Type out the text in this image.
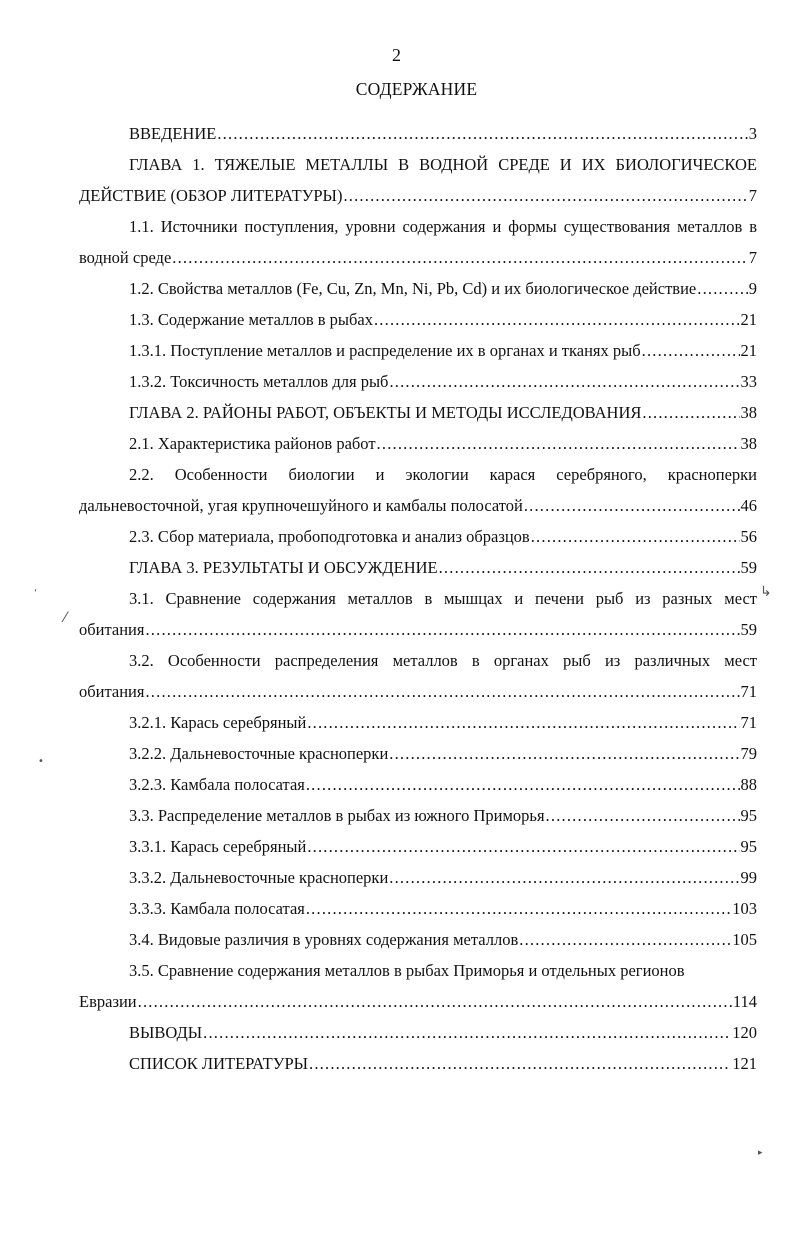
2
СОДЕРЖАНИЕ
ВВЕДЕНИЕ .....	3
ГЛАВА 1. ТЯЖЕЛЫЕ МЕТАЛЛЫ В ВОДНОЙ СРЕДЕ И ИХ БИОЛОГИЧЕСКОЕ
ДЕЙСТВИЕ (ОБЗОР ЛИТЕРАТУРЫ) .....	7
1.1. Источники поступления, уровни содержания и формы существования металлов в
водной среде .....	7
1.2. Свойства металлов (Fe, Cu, Zn, Mn, Ni, Pb, Cd) и их биологическое действие .....	9
1.3. Содержание металлов в рыбах .....	21
1.3.1. Поступление металлов и распределение их в органах и тканях рыб .....	21
1.3.2. Токсичность металлов для рыб .....	33
ГЛАВА 2. РАЙОНЫ РАБОТ, ОБЪЕКТЫ И МЕТОДЫ ИССЛЕДОВАНИЯ .....	38
2.1. Характеристика районов работ .....	38
2.2. Особенности биологии и экологии карася серебряного, красноперки
дальневосточной, угая крупночешуйного и камбалы полосатой .....	46
2.3. Сбор материала, пробоподготовка и анализ образцов .....	56
ГЛАВА 3. РЕЗУЛЬТАТЫ И ОБСУЖДЕНИЕ .....	59
3.1. Сравнение содержания металлов в мышцах и печени рыб из разных мест
обитания .....	59
3.2. Особенности распределения металлов в органах рыб из различных мест
обитания .....	71
3.2.1. Карась серебряный .....	71
3.2.2. Дальневосточные красноперки .....	79
3.2.3. Камбала полосатая .....	88
3.3. Распределение металлов в рыбах из южного Приморья .....	95
3.3.1. Карась серебряный .....	95
3.3.2. Дальневосточные красноперки .....	99
3.3.3. Камбала полосатая .....	103
3.4. Видовые различия в уровнях содержания металлов .....	105
3.5. Сравнение содержания металлов в рыбах Приморья и отдельных регионов
Евразии .....	114
ВЫВОДЫ .....	120
СПИСОК ЛИТЕРАТУРЫ .....	121
↳
⁄
‘
•
▸
